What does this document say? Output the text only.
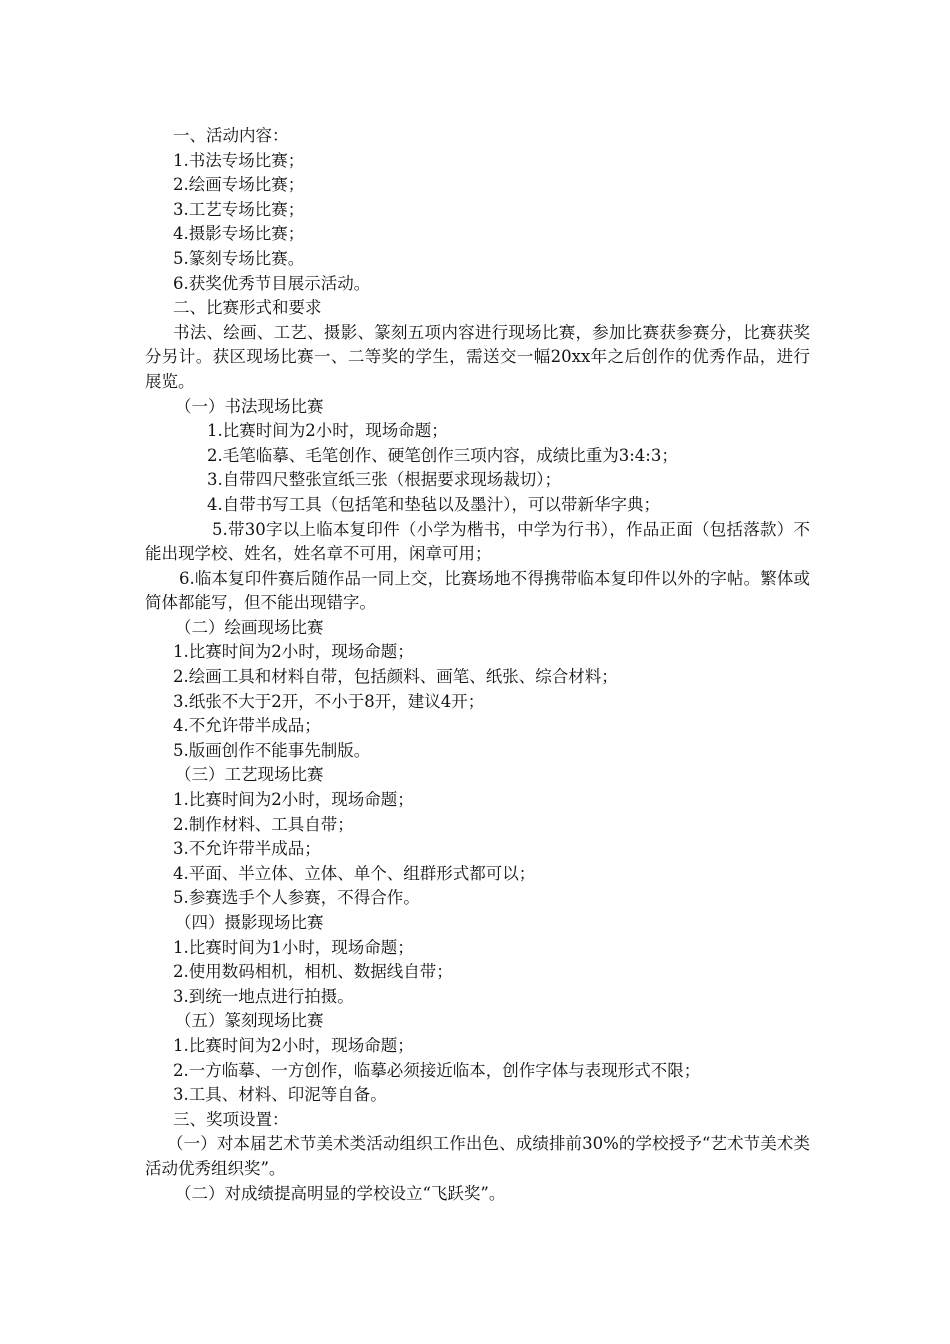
一、活动内容：

1.书法专场比赛；

2.绘画专场比赛；

3.工艺专场比赛；

4.摄影专场比赛；

5.篆刻专场比赛。

6.获奖优秀节目展示活动。

二、比赛形式和要求

书法、绘画、工艺、摄影、篆刻五项内容进行现场比赛，参加比赛获参赛分，比赛获奖分另计。获区现场比赛一、二等奖的学生，需送交一幅20xx年之后创作的优秀作品，进行展览。

（一）书法现场比赛

1.比赛时间为2小时，现场命题；

2.毛笔临摹、毛笔创作、硬笔创作三项内容，成绩比重为3:4:3；

3.自带四尺整张宣纸三张（根据要求现场裁切）；

4.自带书写工具（包括笔和垫毡以及墨汁），可以带新华字典；

5.带30字以上临本复印件（小学为楷书，中学为行书），作品正面（包括落款）不能出现学校、姓名，姓名章不可用，闲章可用；

6.临本复印件赛后随作品一同上交，比赛场地不得携带临本复印件以外的字帖。繁体或简体都能写，但不能出现错字。

（二）绘画现场比赛

1.比赛时间为2小时，现场命题；

2.绘画工具和材料自带，包括颜料、画笔、纸张、综合材料；

3.纸张不大于2开，不小于8开，建议4开；

4.不允许带半成品；

5.版画创作不能事先制版。

（三）工艺现场比赛

1.比赛时间为2小时，现场命题；

2.制作材料、工具自带；

3.不允许带半成品；

4.平面、半立体、立体、单个、组群形式都可以；

5.参赛选手个人参赛，不得合作。

（四）摄影现场比赛

1.比赛时间为1小时，现场命题；

2.使用数码相机，相机、数据线自带；

3.到统一地点进行拍摄。

（五）篆刻现场比赛

1.比赛时间为2小时，现场命题；

2.一方临摹、一方创作，临摹必须接近临本，创作字体与表现形式不限；

3.工具、材料、印泥等自备。

三、奖项设置：

（一）对本届艺术节美术类活动组织工作出色、成绩排前30%的学校授予“艺术节美术类活动优秀组织奖”。

（二）对成绩提高明显的学校设立“飞跃奖”。
